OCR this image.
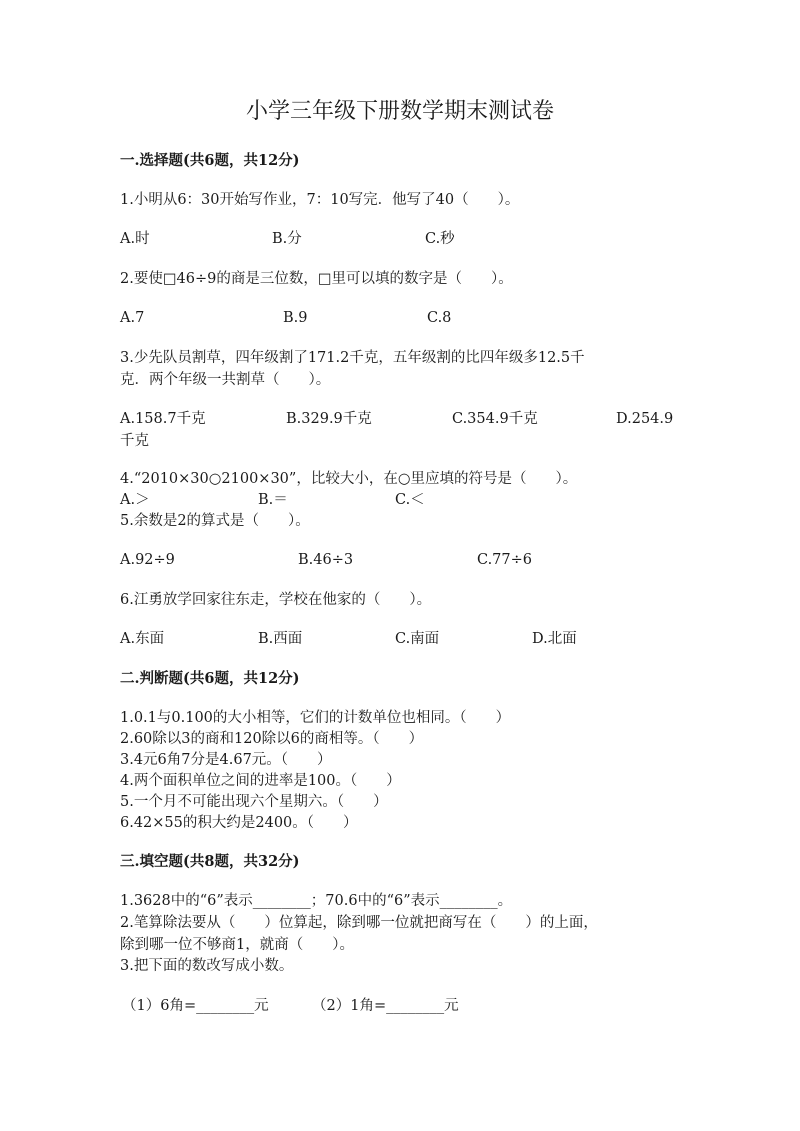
小学三年级下册数学期末测试卷
一.选择题(共6题，共12分)
1.小明从6：30开始写作业，7：10写完．他写了40（　　）。
A.时	B.分	C.秒
2.要使□46÷9的商是三位数，□里可以填的数字是（　　）。
A.7	B.9	C.8
3.少先队员割草，四年级割了171.2千克，五年级割的比四年级多12.5千
克．两个年级一共割草（　　）。
A.158.7千克	B.329.9千克	C.354.9千克	D.254.9
千克
4.“2010×30○2100×30”，比较大小，在○里应填的符号是（　　）。
A.＞	B.＝	C.＜
5.余数是2的算式是（　　）。
A.92÷9	B.46÷3	C.77÷6
6.江勇放学回家往东走，学校在他家的（　　）。
A.东面	B.西面	C.南面	D.北面
二.判断题(共6题，共12分)
1.0.1与0.100的大小相等，它们的计数单位也相同。（　　）
2.60除以3的商和120除以6的商相等。（　　）
3.4元6角7分是4.67元。（　　）
4.两个面积单位之间的进率是100。（　　）
5.一个月不可能出现六个星期六。（　　）
6.42×55的积大约是2400。（　　）
三.填空题(共8题，共32分)
1.3628中的“6”表示________；70.6中的“6”表示________。
2.笔算除法要从（　　）位算起，除到哪一位就把商写在（　　）的上面，
除到哪一位不够商1，就商（　　）。
3.把下面的数改写成小数。
（1）6角=________元	（2）1角=________元
